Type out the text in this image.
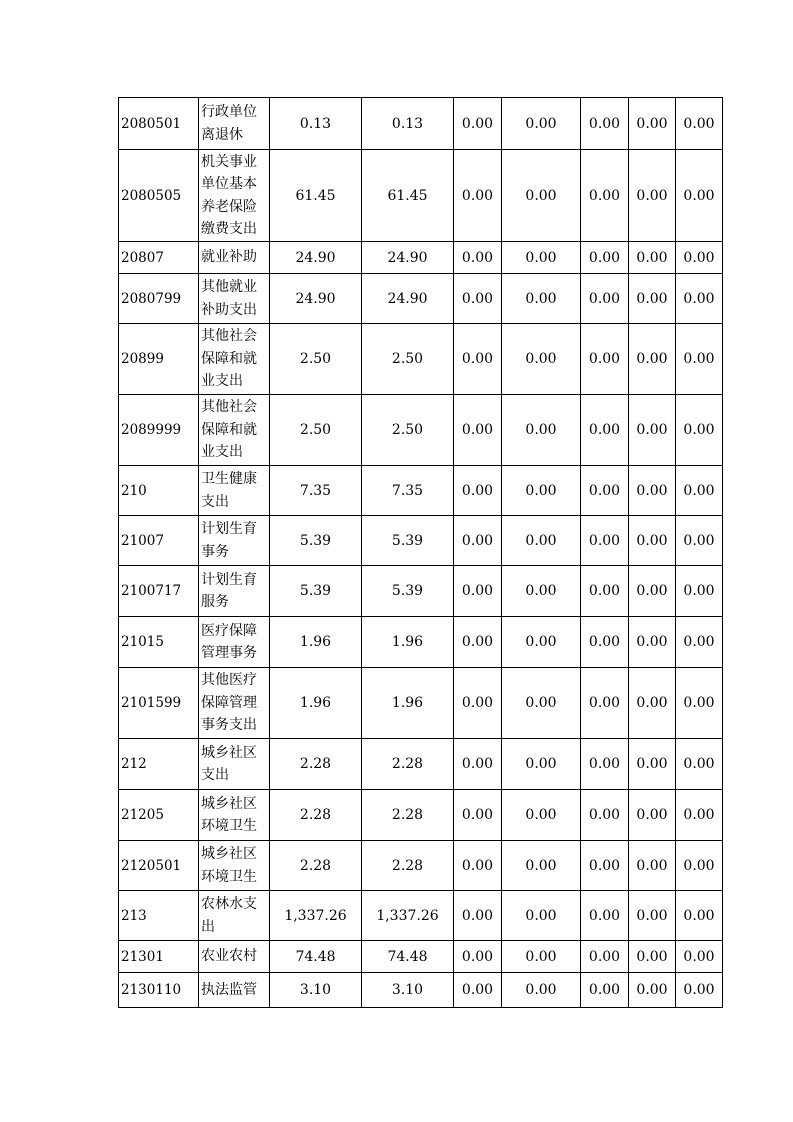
2080501	行政单位离退休	0.13	0.13	0.00	0.00	0.00	0.00	0.00
2080505	机关事业单位基本养老保险缴费支出	61.45	61.45	0.00	0.00	0.00	0.00	0.00
20807	就业补助	24.90	24.90	0.00	0.00	0.00	0.00	0.00
2080799	其他就业补助支出	24.90	24.90	0.00	0.00	0.00	0.00	0.00
20899	其他社会保障和就业支出	2.50	2.50	0.00	0.00	0.00	0.00	0.00
2089999	其他社会保障和就业支出	2.50	2.50	0.00	0.00	0.00	0.00	0.00
210	卫生健康支出	7.35	7.35	0.00	0.00	0.00	0.00	0.00
21007	计划生育事务	5.39	5.39	0.00	0.00	0.00	0.00	0.00
2100717	计划生育服务	5.39	5.39	0.00	0.00	0.00	0.00	0.00
21015	医疗保障管理事务	1.96	1.96	0.00	0.00	0.00	0.00	0.00
2101599	其他医疗保障管理事务支出	1.96	1.96	0.00	0.00	0.00	0.00	0.00
212	城乡社区支出	2.28	2.28	0.00	0.00	0.00	0.00	0.00
21205	城乡社区环境卫生	2.28	2.28	0.00	0.00	0.00	0.00	0.00
2120501	城乡社区环境卫生	2.28	2.28	0.00	0.00	0.00	0.00	0.00
213	农林水支出	1,337.26	1,337.26	0.00	0.00	0.00	0.00	0.00
21301	农业农村	74.48	74.48	0.00	0.00	0.00	0.00	0.00
2130110	执法监管	3.10	3.10	0.00	0.00	0.00	0.00	0.00
